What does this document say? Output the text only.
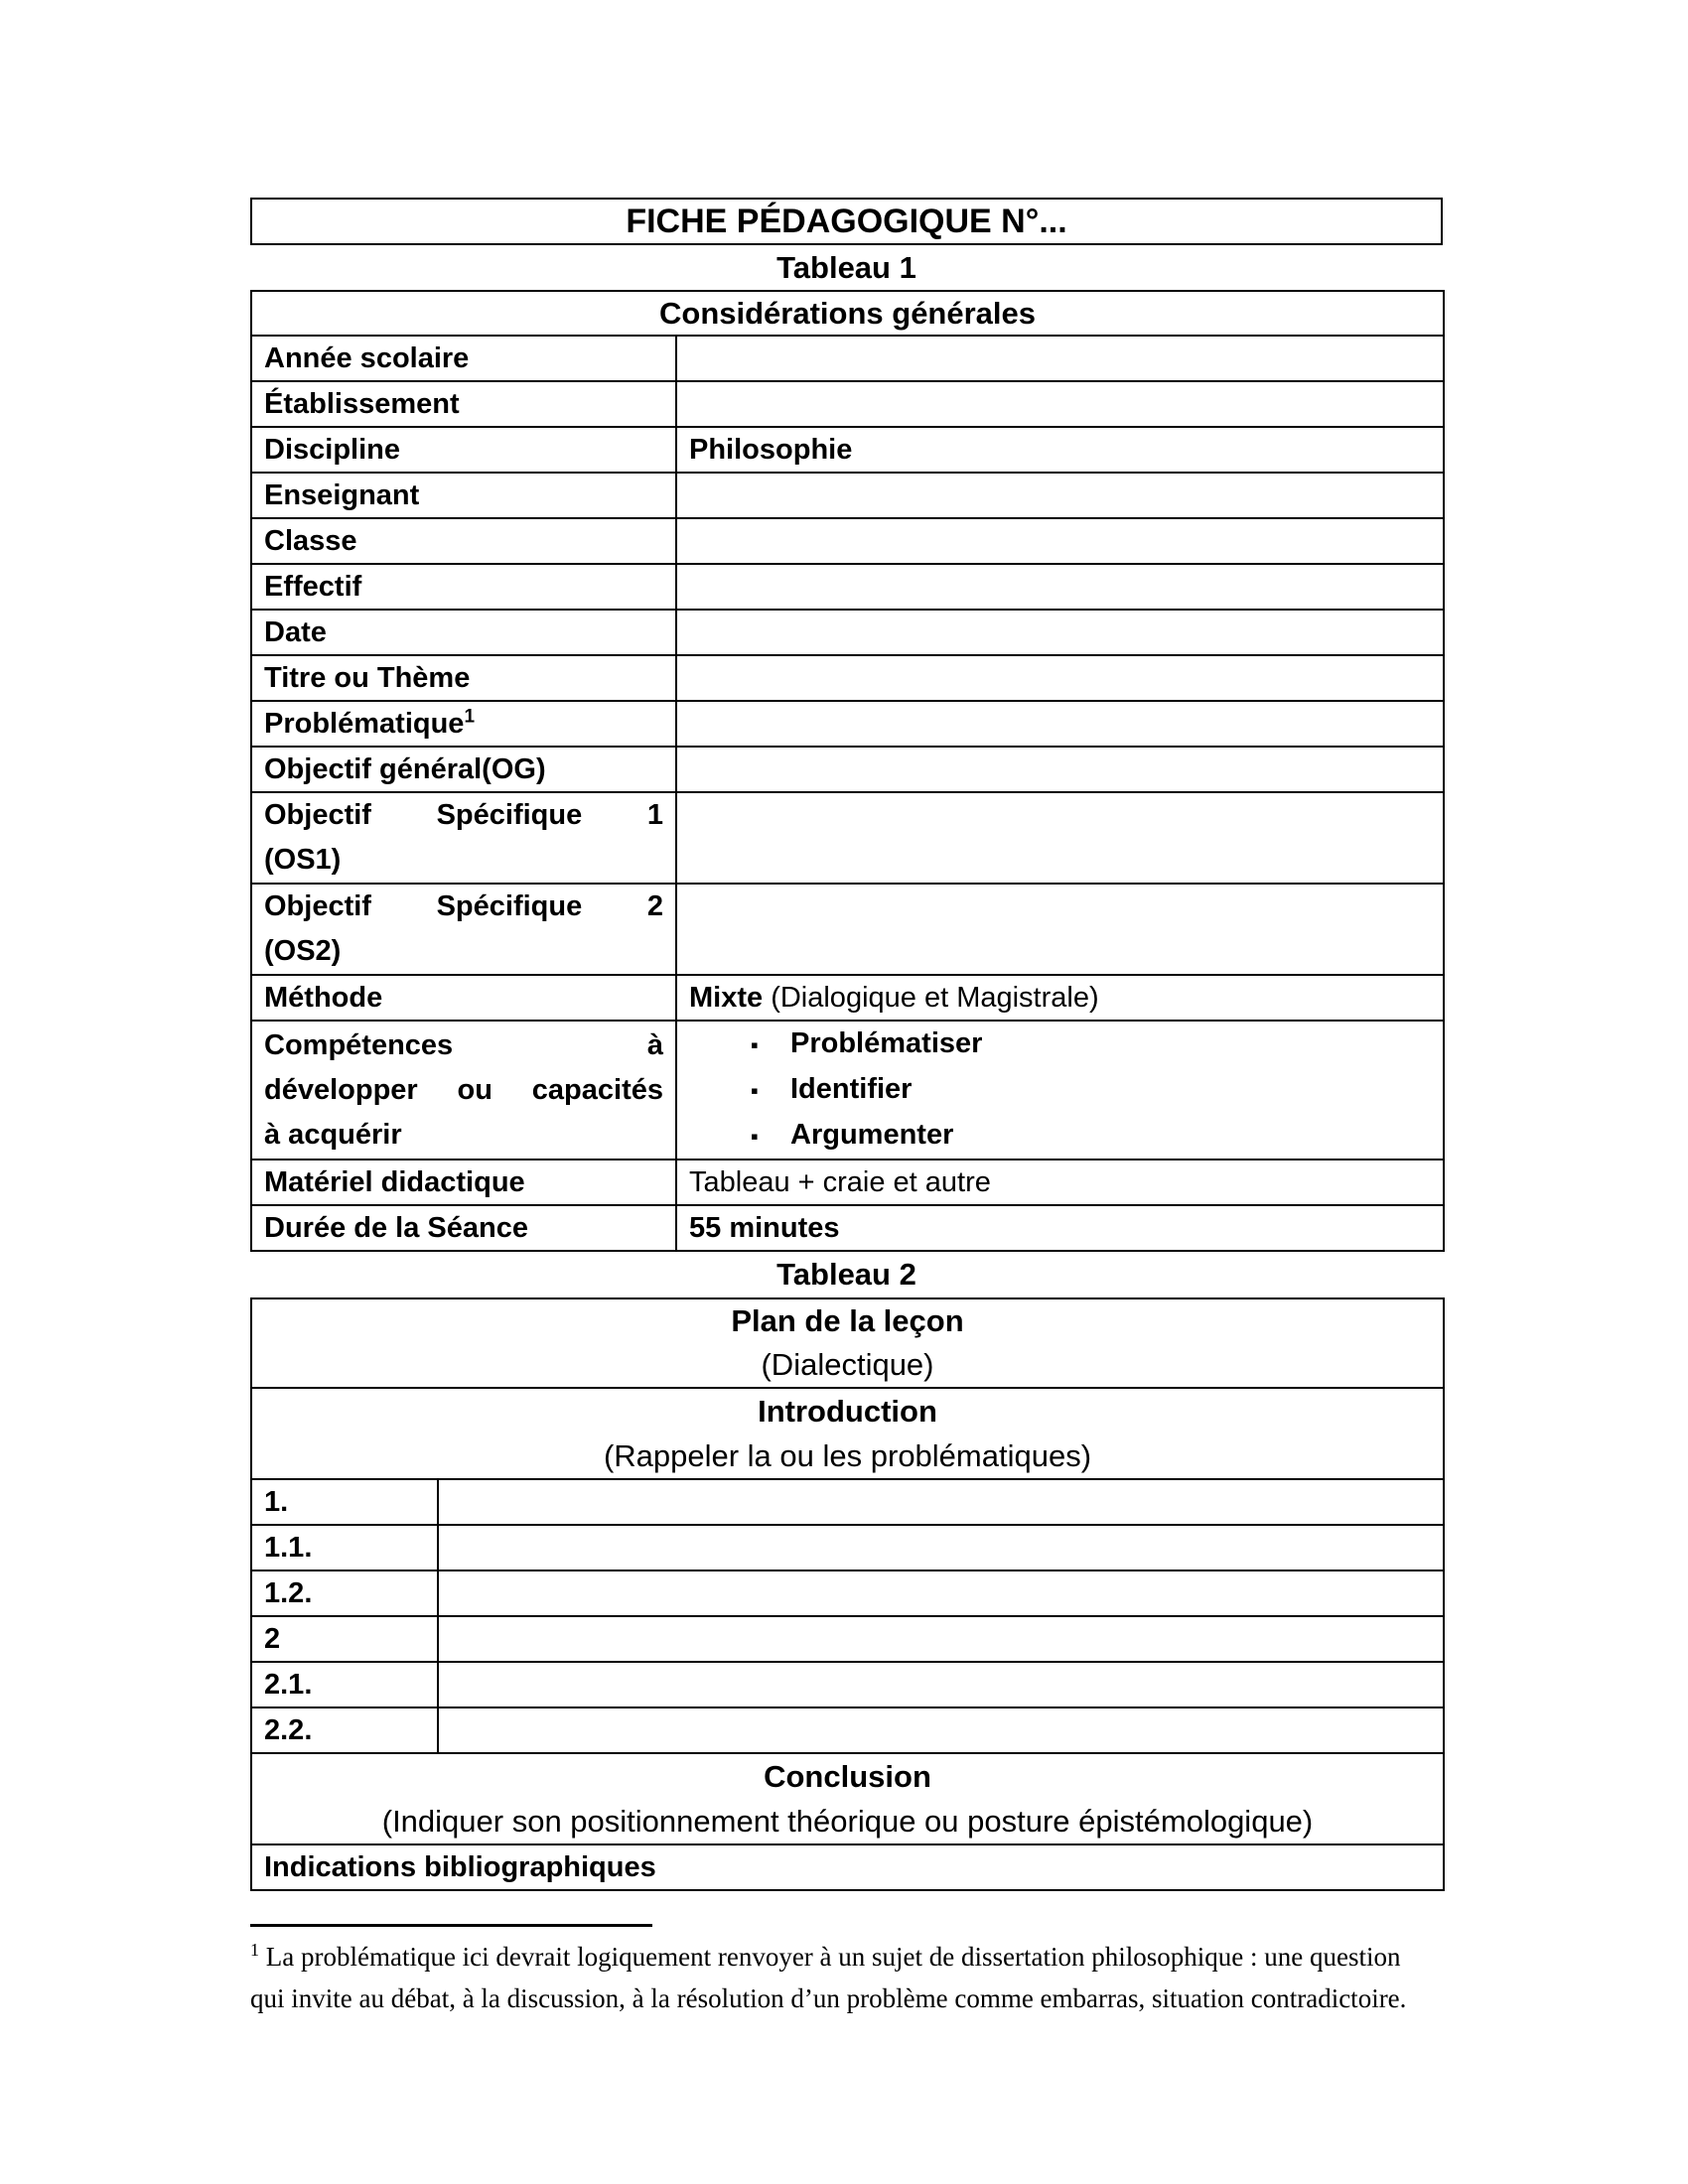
FICHE PÉDAGOGIQUE N°...
Tableau 1
Considérations générales	
Année scolaire	
Établissement	
Discipline	Philosophie
Enseignant	
Classe	
Effectif	
Date	
Titre ou Thème	
Problématique$^1$	
Objectif général(OG)	

Objectif Spécifique 1
(OS1)	

Objectif Spécifique 2
(OS2)	

Méthode	Mixte (Dialogique et Magistrale)

Compétences à
développer ou capacités
à acquérir

▪	Problématiser
▪	Identifier
▪	Argumenter

Matériel didactique	Tableau + craie et autre
Durée de la Séance	55 minutes
Tableau 2
Plan de la leçon
(Dialectique)	

Introduction
(Rappeler la ou les problématiques)	

1.	
1.1.	
1.2.	
2	
2.1.	
2.2.	

Conclusion
(Indiquer son positionnement théorique ou posture épistémologique)	

Indications bibliographiques	
$^1$ La problématique ici devrait logiquement renvoyer à un sujet de dissertation philosophique : une question
qui invite au débat, à la discussion, à la résolution d’un problème comme embarras, situation contradictoire.
